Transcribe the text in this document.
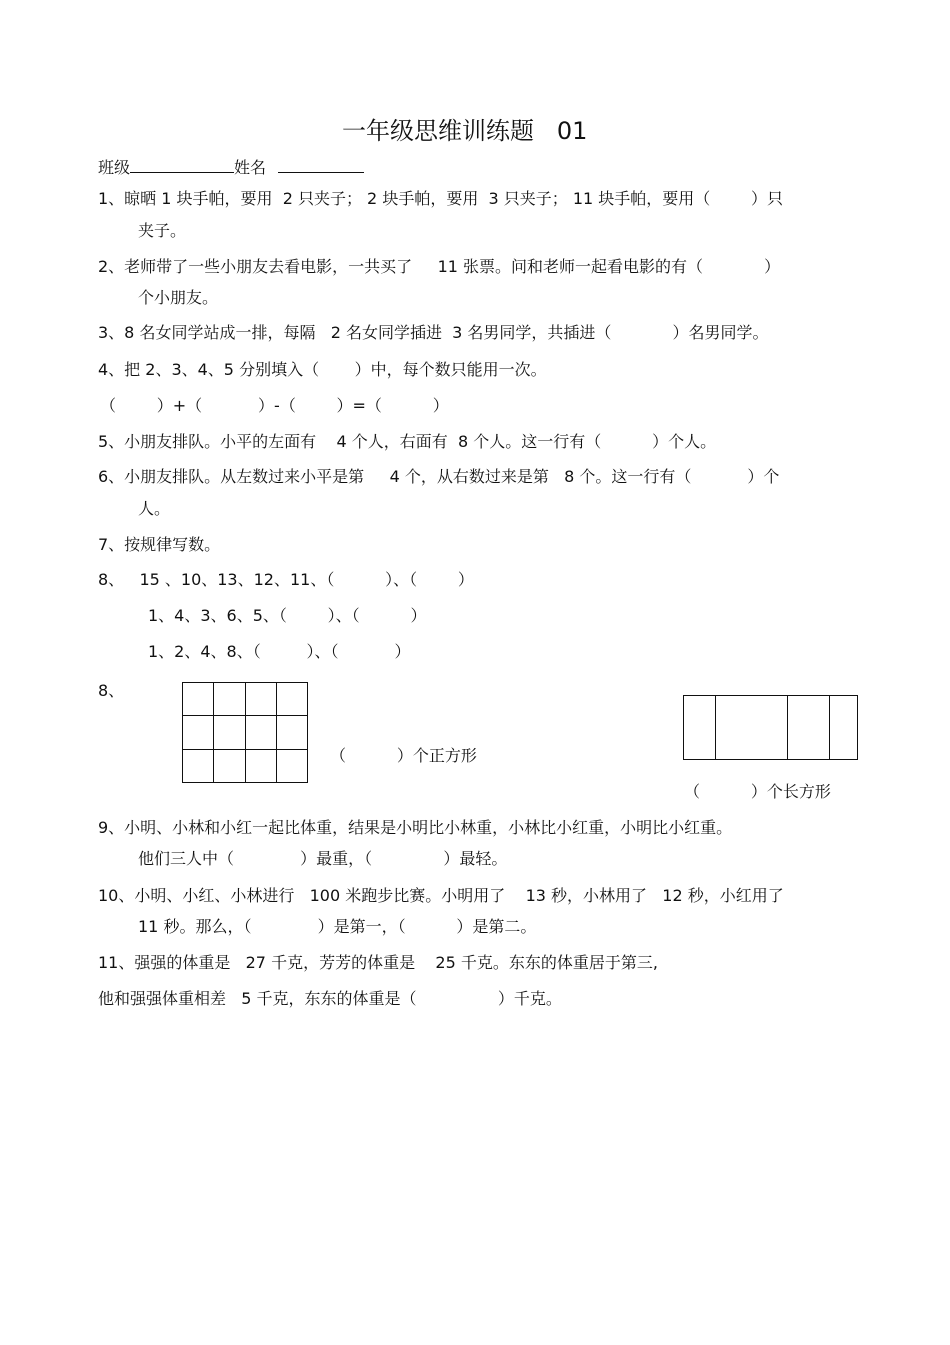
一年级思维训练题   01
班级	姓名
1、晾晒 1 块手帕，要用  2 只夹子； 2 块手帕，要用  3 只夹子； 11 块手帕，要用（        ）只
夹子。
2、老师带了一些小朋友去看电影，一共买了     11 张票。问和老师一起看电影的有（            ）
个小朋友。
3、8 名女同学站成一排，每隔   2 名女同学插进  3 名男同学，共插进（            ）名男同学。
4、把 2、3、4、5 分别填入（       ）中，每个数只能用一次。
（        ）+（           ）-（        ）=（          ）
5、小朋友排队。小平的左面有    4 个人，右面有  8 个人。这一行有（          ）个人。
6、小朋友排队。从左数过来小平是第     4 个，从右数过来是第   8 个。这一行有（           ）个
人。
7、按规律写数。
8、   15 、10、13、12、11、（          ）、（        ）
1、4、3、6、5、（        ）、（          ）
1、2、4、8、（         ）、（           ）
8、
（          ）个正方形
（          ）个长方形
9、小明、小林和小红一起比体重，结果是小明比小林重，小林比小红重，小明比小红重。
他们三人中（             ）最重，（              ）最轻。
10、小明、小红、小林进行   100 米跑步比赛。小明用了    13 秒，小林用了   12 秒，小红用了
11 秒。那么，（             ）是第一，（          ）是第二。
11、强强的体重是   27 千克，芳芳的体重是    25 千克。东东的体重居于第三,
他和强强体重相差   5 千克，东东的体重是（                ）千克。
